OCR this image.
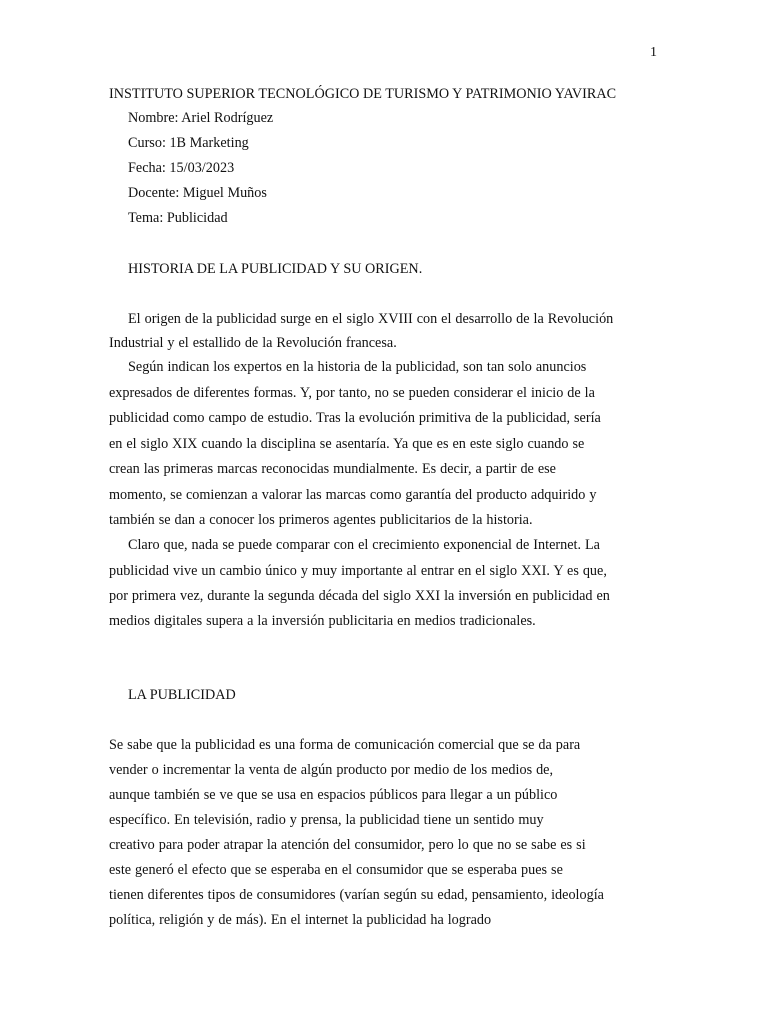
1
INSTITUTO SUPERIOR TECNOLÓGICO DE TURISMO Y PATRIMONIO YAVIRAC
Nombre: Ariel Rodríguez
Curso: 1B Marketing
Fecha: 15/03/2023
Docente: Miguel Muños
Tema: Publicidad
HISTORIA DE LA PUBLICIDAD Y SU ORIGEN.
El origen de la publicidad surge en el siglo XVIII con el desarrollo de la Revolución
Industrial y el estallido de la Revolución francesa.
Según indican los expertos en la historia de la publicidad, son tan solo anuncios
expresados de diferentes formas. Y, por tanto, no se pueden considerar el inicio de la
publicidad como campo de estudio. Tras la evolución primitiva de la publicidad, sería
en el siglo XIX cuando la disciplina se asentaría. Ya que es en este siglo cuando se
crean las primeras marcas reconocidas mundialmente. Es decir, a partir de ese
momento, se comienzan a valorar las marcas como garantía del producto adquirido y
también se dan a conocer los primeros agentes publicitarios de la historia.
Claro que, nada se puede comparar con el crecimiento exponencial de Internet. La
publicidad vive un cambio único y muy importante al entrar en el siglo XXI. Y es que,
por primera vez, durante la segunda década del siglo XXI la inversión en publicidad en
medios digitales supera a la inversión publicitaria en medios tradicionales.
LA PUBLICIDAD
Se sabe que la publicidad es una forma de comunicación comercial que se da para
vender o incrementar la venta de algún producto por medio de los medios de,
aunque también se ve que se usa en espacios públicos para llegar a un público
específico. En televisión, radio y prensa, la publicidad tiene un sentido muy
creativo para poder atrapar la atención del consumidor, pero lo que no se sabe es si
este generó el efecto que se esperaba en el consumidor que se esperaba pues se
tienen diferentes tipos de consumidores (varían según su edad, pensamiento, ideología
política, religión y de más). En el internet la publicidad ha logrado
